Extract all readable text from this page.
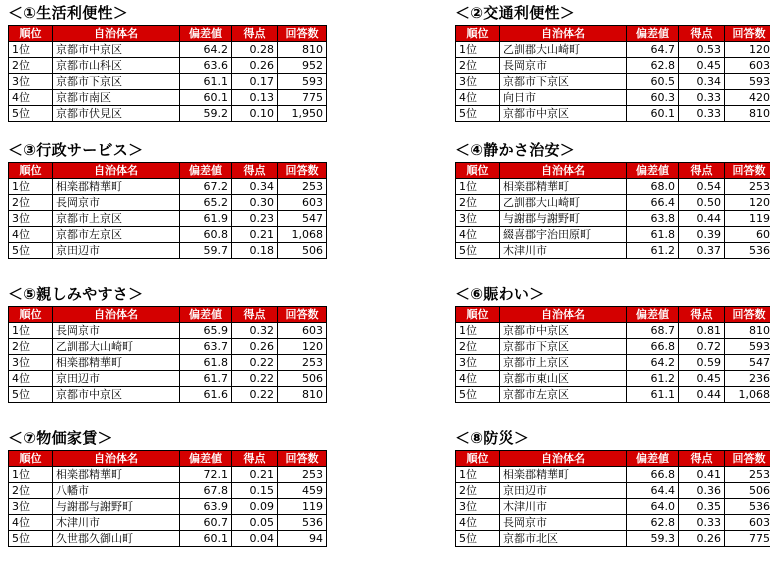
＜①生活利便性＞
順位	自治体名	偏差値	得点	回答数
1位	京都市中京区	64.2	0.28	810
2位	京都市山科区	63.6	0.26	952
3位	京都市下京区	61.1	0.17	593
4位	京都市南区	60.1	0.13	775
5位	京都市伏見区	59.2	0.10	1,950
＜②交通利便性＞
順位	自治体名	偏差値	得点	回答数
1位	乙訓郡大山崎町	64.7	0.53	120
2位	長岡京市	62.8	0.45	603
3位	京都市下京区	60.5	0.34	593
4位	向日市	60.3	0.33	420
5位	京都市中京区	60.1	0.33	810
＜③行政サービス＞
順位	自治体名	偏差値	得点	回答数
1位	相楽郡精華町	67.2	0.34	253
2位	長岡京市	65.2	0.30	603
3位	京都市上京区	61.9	0.23	547
4位	京都市左京区	60.8	0.21	1,068
5位	京田辺市	59.7	0.18	506
＜④静かさ治安＞
順位	自治体名	偏差値	得点	回答数
1位	相楽郡精華町	68.0	0.54	253
2位	乙訓郡大山崎町	66.4	0.50	120
3位	与謝郡与謝野町	63.8	0.44	119
4位	綴喜郡宇治田原町	61.8	0.39	60
5位	木津川市	61.2	0.37	536
＜⑤親しみやすさ＞
順位	自治体名	偏差値	得点	回答数
1位	長岡京市	65.9	0.32	603
2位	乙訓郡大山崎町	63.7	0.26	120
3位	相楽郡精華町	61.8	0.22	253
4位	京田辺市	61.7	0.22	506
5位	京都市中京区	61.6	0.22	810
＜⑥賑わい＞
順位	自治体名	偏差値	得点	回答数
1位	京都市中京区	68.7	0.81	810
2位	京都市下京区	66.8	0.72	593
3位	京都市上京区	64.2	0.59	547
4位	京都市東山区	61.2	0.45	236
5位	京都市左京区	61.1	0.44	1,068
＜⑦物価家賃＞
順位	自治体名	偏差値	得点	回答数
1位	相楽郡精華町	72.1	0.21	253
2位	八幡市	67.8	0.15	459
3位	与謝郡与謝野町	63.9	0.09	119
4位	木津川市	60.7	0.05	536
5位	久世郡久御山町	60.1	0.04	94
＜⑧防災＞
順位	自治体名	偏差値	得点	回答数
1位	相楽郡精華町	66.8	0.41	253
2位	京田辺市	64.4	0.36	506
3位	木津川市	64.0	0.35	536
4位	長岡京市	62.8	0.33	603
5位	京都市北区	59.3	0.26	775
